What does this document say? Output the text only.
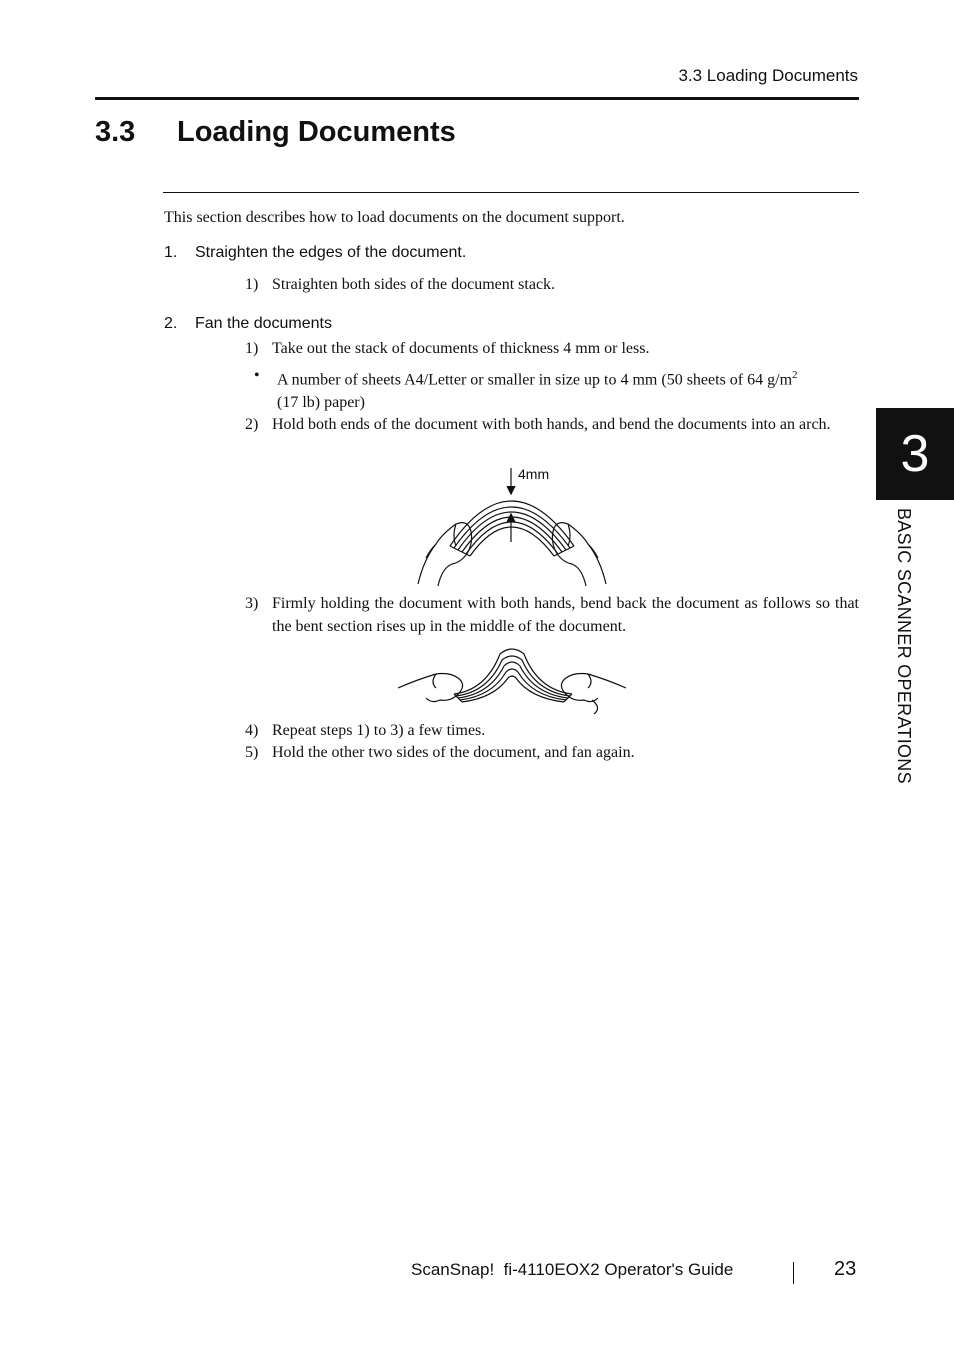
3.3 Loading Documents
3.3 Loading Documents
This section describes how to load documents on the document support.
1. Straighten the edges of the document.
1) Straighten both sides of the document stack.
2. Fan the documents
1) Take out the stack of documents of thickness 4 mm or less.
• A number of sheets A4/Letter or smaller in size up to 4 mm (50 sheets of 64 $g/m^2$
(17 lb) paper)
2) Hold both ends of the document with both hands, and bend the documents into an arch.
4mm
3) Firmly holding the document with both hands, bend back the document as follows so that the bent section rises up in the middle of the document.
4) Repeat steps 1) to 3) a few times.
5) Hold the other two sides of the document, and fan again.
3
BASIC SCANNER OPERATIONS
ScanSnap!  fi-4110EOX2 Operator's Guide	23
